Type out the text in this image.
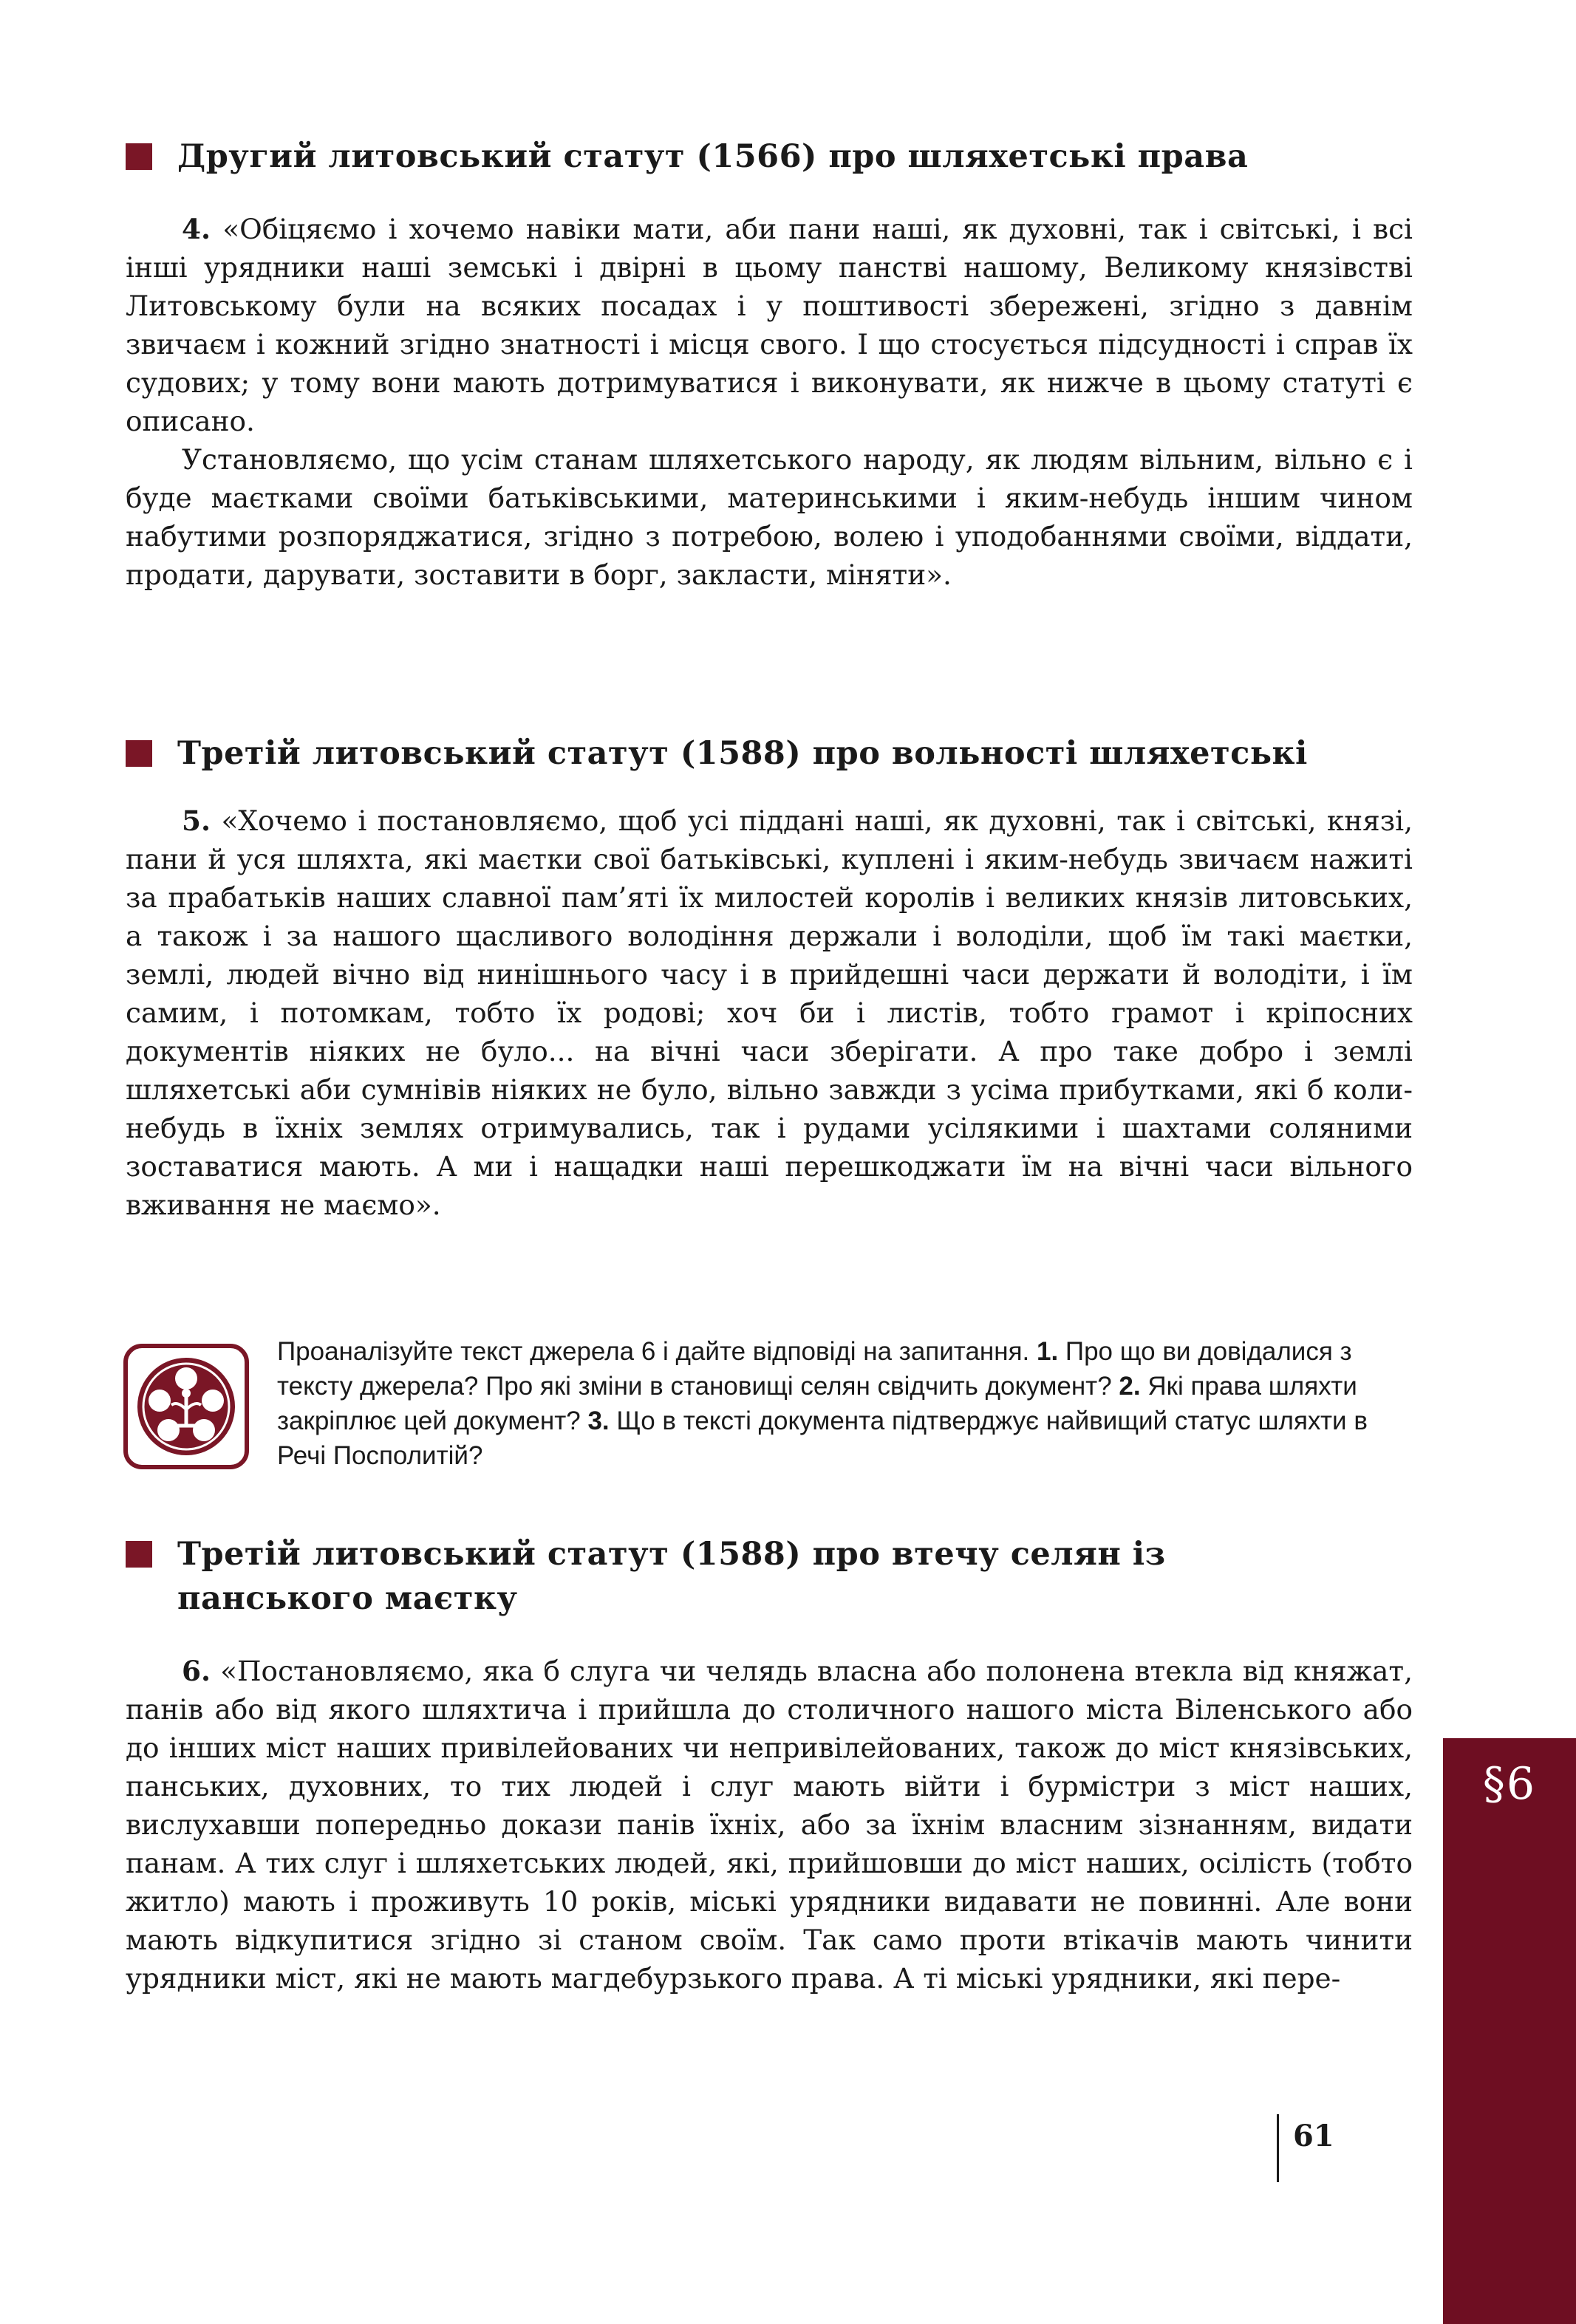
Другий литовський статут (1566) про шляхетські права

4. «Обіцяємо і хочемо навіки мати, аби пани наші, як духовні, так і світські, і всі інші урядники наші земські і двірні в цьому панстві нашому, Великому князівстві Литовському були на всяких посадах і у поштивості збережені, згідно з давнім звичаєм і кожний згідно знатності і місця свого. І що стосується підсудності і справ їх судових; у тому вони мають дотримуватися і виконувати, як нижче в цьому статуті є описано.

Установляємо, що усім станам шляхетського народу, як людям вільним, вільно є і буде маєтками своїми батьківськими, материнськими і яким-небудь іншим чином набутими розпоряджатися, згідно з потребою, волею і уподобаннями своїми, віддати, продати, дарувати, зоставити в борг, закласти, міняти».

Третій литовський статут (1588) про вольності шляхетські

5. «Хочемо і постановляємо, щоб усі піддані наші, як духовні, так і світські, князі, пани й уся шляхта, які маєтки свої батьківські, куплені і яким-небудь звичаєм нажиті за прабатьків наших славної пам’яті їх милостей королів і великих князів литовських, а також і за нашого щасливого володіння держали і володіли, щоб їм такі маєтки, землі, людей вічно від нинішнього часу і в прийдешні часи держати й володіти, і їм самим, і потомкам, тобто їх родові; хоч би і листів, тобто грамот і кріпосних документів ніяких не було... на вічні часи зберігати. А про таке добро і землі шляхетські аби сумнівів ніяких не було, вільно завжди з усіма прибутками, які б коли-небудь в їхніх землях отримувались, так і рудами усілякими і шахтами соляними зоставатися мають. А ми і нащадки наші перешкоджати їм на вічні часи вільного вживання не маємо».

Проаналізуйте текст джерела 6 і дайте відповіді на запитання. 1. Про що ви довідалися з тексту джерела? Про які зміни в становищі селян свідчить документ? 2. Які права шляхти закріплює цей документ? 3. Що в тексті документа підтверджує найвищий статус шляхти в Речі Посполитій?
Третій литовський статут (1588) про втечу селян із панського маєтку

6. «Постановляємо, яка б слуга чи челядь власна або полонена втекла від княжат, панів або від якого шляхтича і прийшла до столичного нашого міста Віленського або до інших міст наших привілейованих чи непривілейованих, також до міст князівських, панських, духовних, то тих людей і слуг мають війти і бурмістри з міст наших, вислухавши попередньо докази панів їхніх, або за їхнім власним зізнанням, видати панам. А тих слуг і шляхетських людей, які, прийшовши до міст наших, осілість (тобто житло) мають і проживуть 10 років, міські урядники видавати не повинні. Але вони мають відкупитися згідно зі станом своїм. Так само проти втікачів мають чинити урядники міст, які не мають магдебурзького права. А ті міські урядники, які пере-

§6
61
